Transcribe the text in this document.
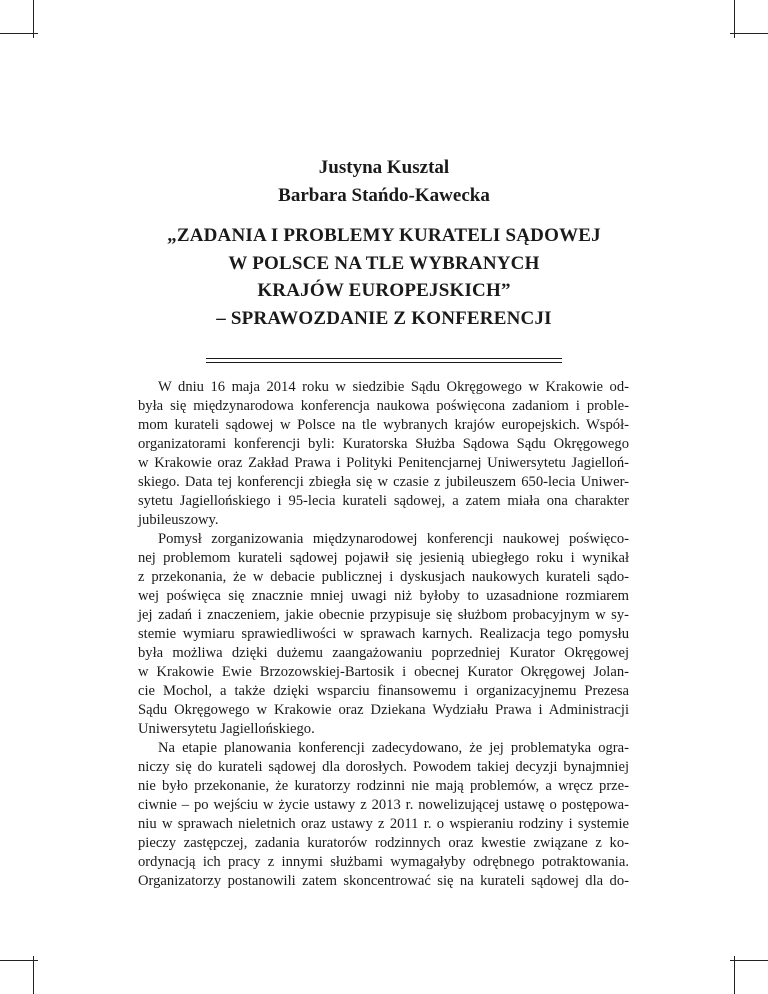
Justyna Kusztal
Barbara Stańdo-Kawecka
„ZADANIA I PROBLEMY KURATELI SĄDOWEJ
W POLSCE NA TLE WYBRANYCH
KRAJÓW EUROPEJSKICH”
– SPRAWOZDANIE Z KONFERENCJI
W dniu 16 maja 2014 roku w siedzibie Sądu Okręgowego w Krakowie od-
była się międzynarodowa konferencja naukowa poświęcona zadaniom i proble-
mom kurateli sądowej w Polsce na tle wybranych krajów europejskich. Współ-
organizatorami konferencji byli: Kuratorska Służba Sądowa Sądu Okręgowego
w Krakowie oraz Zakład Prawa i Polityki Penitencjarnej Uniwersytetu Jagielloń-
skiego. Data tej konferencji zbiegła się w czasie z jubileuszem 650-lecia Uniwer-
sytetu Jagiellońskiego i 95-lecia kurateli sądowej, a zatem miała ona charakter
jubileuszowy.
Pomysł zorganizowania międzynarodowej konferencji naukowej poświęco-
nej problemom kurateli sądowej pojawił się jesienią ubiegłego roku i wynikał
z przekonania, że w debacie publicznej i dyskusjach naukowych kurateli sądo-
wej poświęca się znacznie mniej uwagi niż byłoby to uzasadnione rozmiarem
jej zadań i znaczeniem, jakie obecnie przypisuje się służbom probacyjnym w sy-
stemie wymiaru sprawiedliwości w sprawach karnych. Realizacja tego pomysłu
była możliwa dzięki dużemu zaangażowaniu poprzedniej Kurator Okręgowej
w Krakowie Ewie Brzozowskiej-Bartosik i obecnej Kurator Okręgowej Jolan-
cie Mochol, a także dzięki wsparciu finansowemu i organizacyjnemu Prezesa
Sądu Okręgowego w Krakowie oraz Dziekana Wydziału Prawa i Administracji
Uniwersytetu Jagiellońskiego.
Na etapie planowania konferencji zadecydowano, że jej problematyka ogra-
niczy się do kurateli sądowej dla dorosłych. Powodem takiej decyzji bynajmniej
nie było przekonanie, że kuratorzy rodzinni nie mają problemów, a wręcz prze-
ciwnie – po wejściu w życie ustawy z 2013 r. nowelizującej ustawę o postępowa-
niu w sprawach nieletnich oraz ustawy z 2011 r. o wspieraniu rodziny i systemie
pieczy zastępczej, zadania kuratorów rodzinnych oraz kwestie związane z ko-
ordynacją ich pracy z innymi służbami wymagałyby odrębnego potraktowania.
Organizatorzy postanowili zatem skoncentrować się na kurateli sądowej dla do-
